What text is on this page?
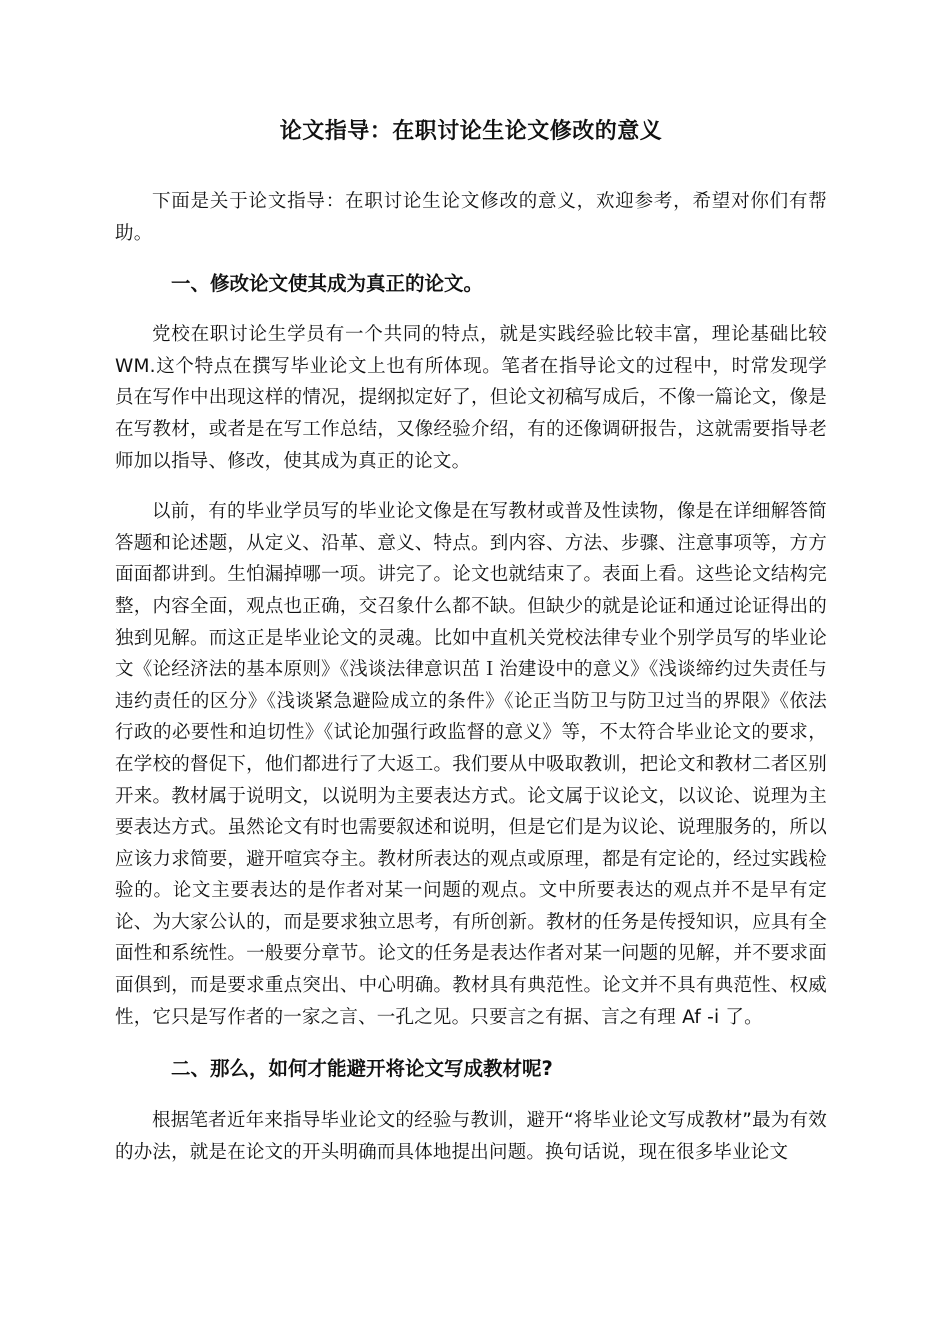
论文指导：在职讨论生论文修改的意义

下面是关于论文指导：在职讨论生论文修改的意义，欢迎参考，希望对你们有帮助。

一、修改论文使其成为真正的论文。

党校在职讨论生学员有一个共同的特点，就是实践经验比较丰富，理论基础比较WM.这个特点在撰写毕业论文上也有所体现。笔者在指导论文的过程中，时常发现学员在写作中出现这样的情况，提纲拟定好了，但论文初稿写成后，不像一篇论文，像是在写教材，或者是在写工作总结，又像经验介绍，有的还像调研报告，这就需要指导老师加以指导、修改，使其成为真正的论文。

以前，有的毕业学员写的毕业论文像是在写教材或普及性读物，像是在详细解答简答题和论述题，从定义、沿革、意义、特点。到内容、方法、步骤、注意事项等，方方面面都讲到。生怕漏掉哪一项。讲完了。论文也就结束了。表面上看。这些论文结构完整，内容全面，观点也正确，交召象什么都不缺。但缺少的就是论证和通过论证得出的独到见解。而这正是毕业论文的灵魂。比如中直机关党校法律专业个别学员写的毕业论文《论经济法的基本原则》《浅谈法律意识茁Ｉ治建设中的意义》《浅谈缔约过失责任与违约责任的区分》《浅谈紧急避险成立的条件》《论正当防卫与防卫过当的界限》《依法行政的必要性和迫切性》《试论加强行政监督的意义》等，不太符合毕业论文的要求，在学校的督促下，他们都进行了大返工。我们要从中吸取教训，把论文和教材二者区别开来。教材属于说明文，以说明为主要表达方式。论文属于议论文，以议论、说理为主要表达方式。虽然论文有时也需要叙述和说明，但是它们是为议论、说理服务的，所以应该力求简要，避开喧宾夺主。教材所表达的观点或原理，都是有定论的，经过实践检验的。论文主要表达的是作者对某一问题的观点。文中所要表达的观点并不是早有定论、为大家公认的，而是要求独立思考，有所创新。教材的任务是传授知识，应具有全面性和系统性。一般要分章节。论文的任务是表达作者对某一问题的见解，并不要求面面俱到，而是要求重点突出、中心明确。教材具有典范性。论文并不具有典范性、权威性，它只是写作者的一家之言、一孔之见。只要言之有据、言之有理 Af -i 了。

二、那么，如何才能避开将论文写成教材呢?

根据笔者近年来指导毕业论文的经验与教训，避开“将毕业论文写成教材”最为有效的办法，就是在论文的开头明确而具体地提出问题。换句话说，现在很多毕业论文
